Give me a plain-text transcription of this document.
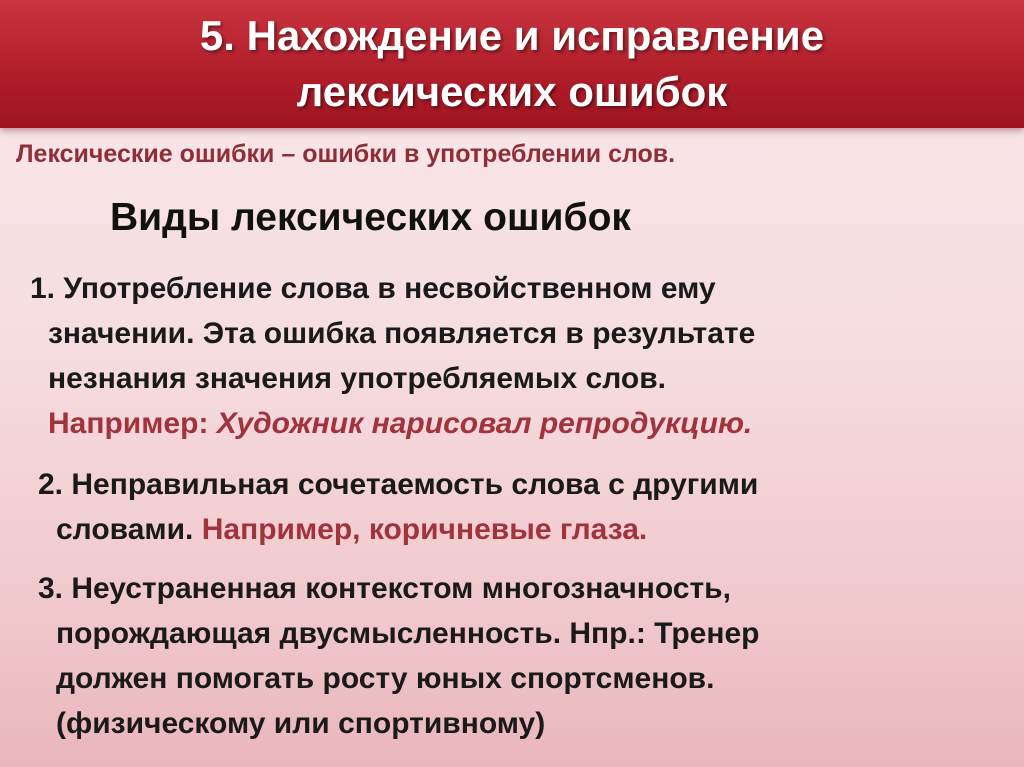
5. Нахождение и исправление
лексических ошибок
Лексические ошибки – ошибки в употреблении слов.
Виды лексических ошибок
1. Употребление слова в несвойственном ему
значении. Эта ошибка появляется в результате
незнания значения употребляемых слов.
Например: Художник нарисовал репродукцию.
2. Неправильная сочетаемость слова с другими
словами. Например, коричневые глаза.
3. Неустраненная контекстом многозначность,
порождающая двусмысленность. Нпр.: Тренер
должен помогать росту юных спортсменов.
(физическому или спортивному)
